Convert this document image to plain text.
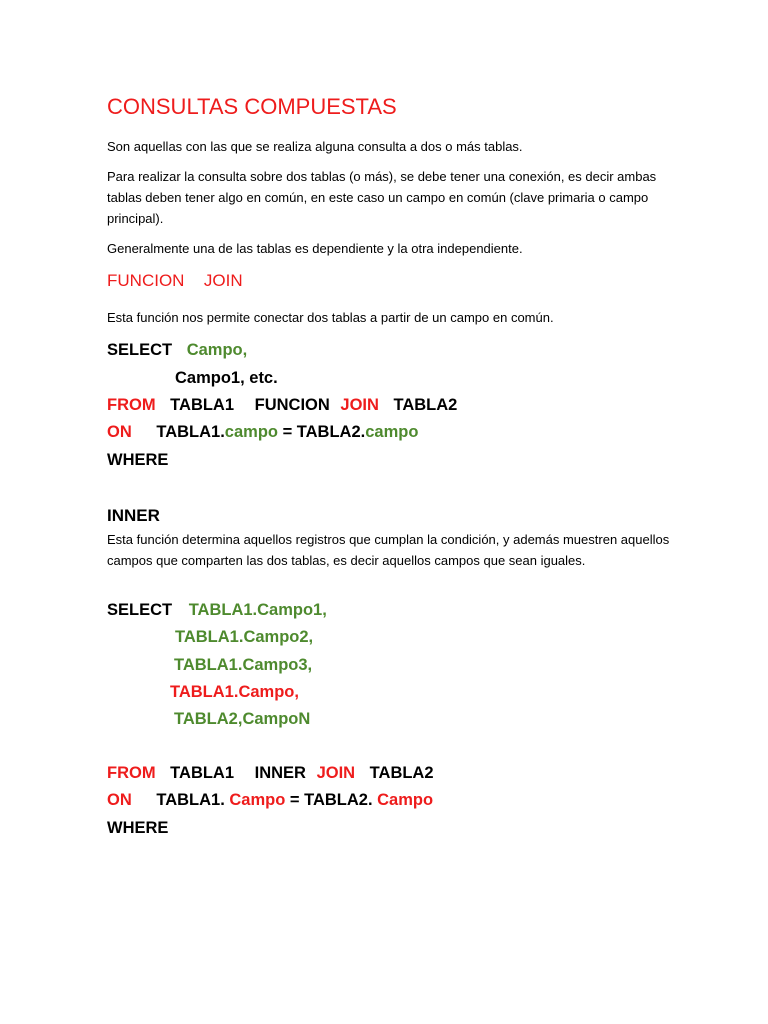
CONSULTAS COMPUESTAS
Son aquellas con las que se realiza alguna consulta a dos o más tablas.
Para realizar la consulta sobre dos tablas (o más), se debe tener una conexión, es decir ambas tablas deben tener algo en común, en este caso un campo en común (clave primaria o campo principal).
Generalmente una de las tablas es dependiente y la otra independiente.
FUNCION JOIN
Esta función nos permite conectar dos tablas a partir de un campo en común.
SELECT Campo,
Campo1, etc.
FROM TABLA1 FUNCION JOIN TABLA2
ON TABLA1.campo = TABLA2.campo
WHERE
INNER
Esta función determina aquellos registros que cumplan la condición, y además muestren aquellos campos que comparten las dos tablas, es decir aquellos campos que sean iguales.
SELECT TABLA1.Campo1,
TABLA1.Campo2,
TABLA1.Campo3,
TABLA1.Campo,
TABLA2,CampoN
FROM TABLA1 INNER JOIN TABLA2
ON TABLA1. Campo = TABLA2. Campo
WHERE
